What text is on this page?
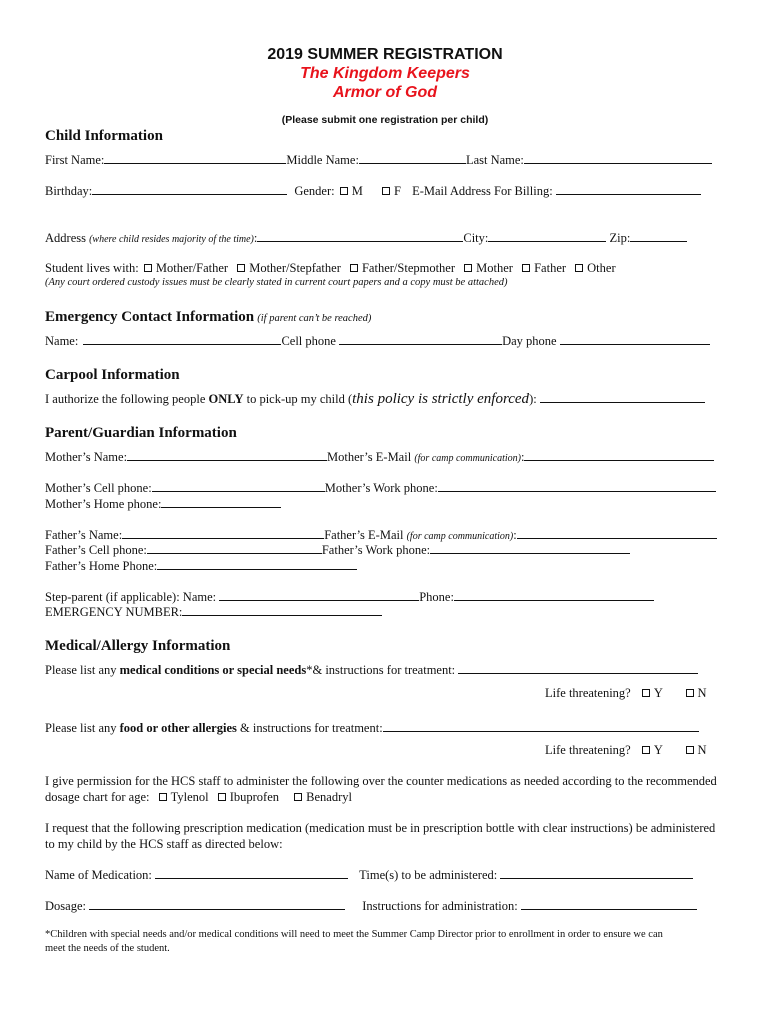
2019 SUMMER REGISTRATION
The Kingdom Keepers
Armor of God
(Please submit one registration per child)
Child Information
First Name:	Middle Name:	Last Name:
Birthday:	Gender: M F E-Mail Address For Billing:
Address (where child resides majority of the time):	City:	Zip:
Student lives with: Mother/Father Mother/Stepfather Father/Stepmother Mother Father Other
(Any court ordered custody issues must be clearly stated in current court papers and a copy must be attached)
Emergency Contact Information (if parent can’t be reached)
Name:	Cell phone	Day phone
Carpool Information
I authorize the following people ONLY to pick-up my child (this policy is strictly enforced):
Parent/Guardian Information
Mother’s Name:	Mother’s E-Mail (for camp communication):
Mother’s Cell phone:	Mother’s Work phone:
Mother’s Home phone:
Father’s Name:	Father’s E-Mail (for camp communication):
Father’s Cell phone:	Father’s Work phone:
Father’s Home Phone:
Step-parent (if applicable): Name:	Phone:
EMERGENCY NUMBER:
Medical/Allergy Information
Please list any medical conditions or special needs*& instructions for treatment:
Life threatening? Y	N
Please list any food or other allergies & instructions for treatment:
Life threatening? Y	N
I give permission for the HCS staff to administer the following over the counter medications as needed according to the recommended
dosage chart for age: Tylenol Ibuprofen Benadryl
I request that the following prescription medication (medication must be in prescription bottle with clear instructions) be administered
to my child by the HCS staff as directed below:
Name of Medication:	Time(s) to be administered:
Dosage:	Instructions for administration:
*Children with special needs and/or medical conditions will need to meet the Summer Camp Director prior to enrollment in order to ensure we can
meet the needs of the student.
